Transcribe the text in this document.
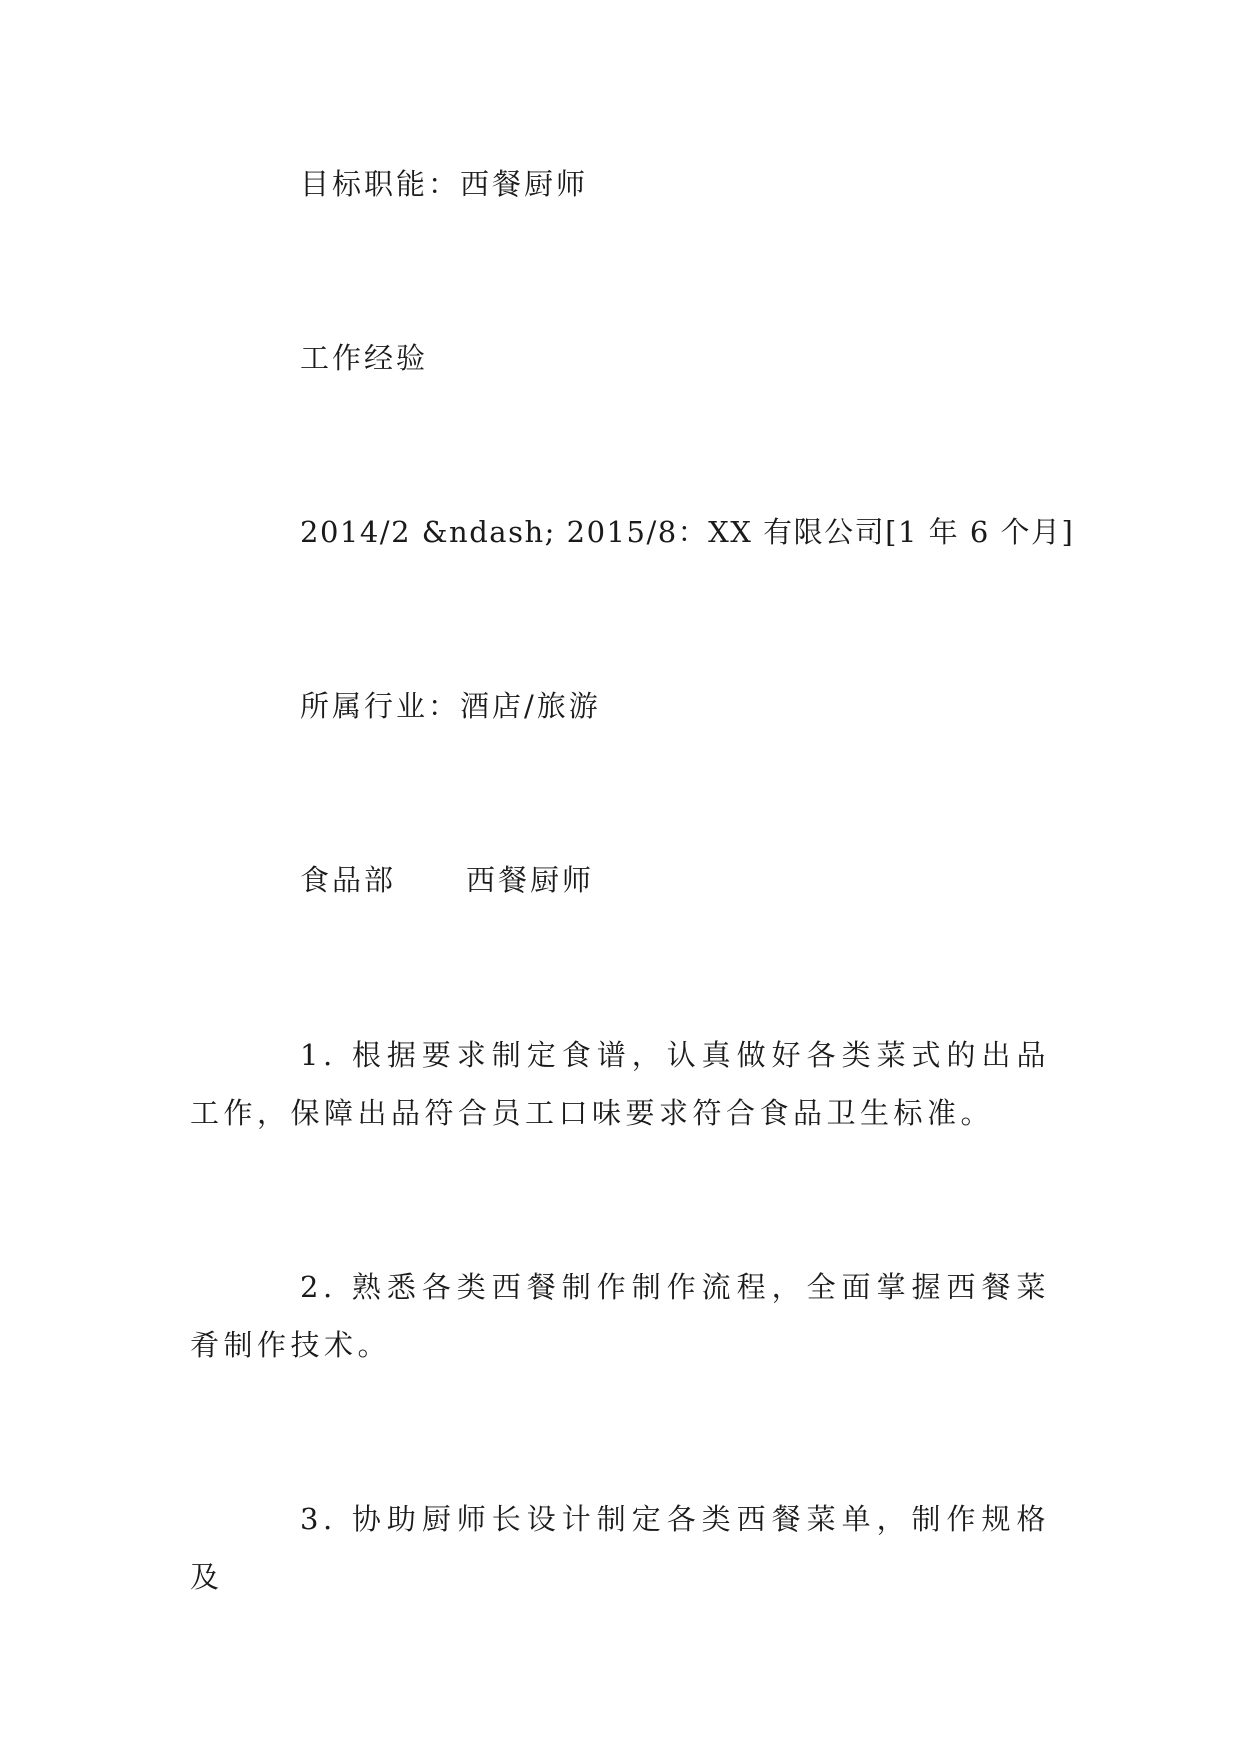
目标职能：西餐厨师
工作经验
2014/2 &ndash; 2015/8：XX 有限公司[1 年 6 个月]
所属行业：酒店/旅游
食品部 西餐厨师

1. 根据要求制定食谱，认真做好各类菜式的出品工作，保障出品符合员工口味要求符合食品卫生标准。

2. 熟悉各类西餐制作制作流程，全面掌握西餐菜肴制作技术。

3. 协助厨师长设计制定各类西餐菜单，制作规格及
